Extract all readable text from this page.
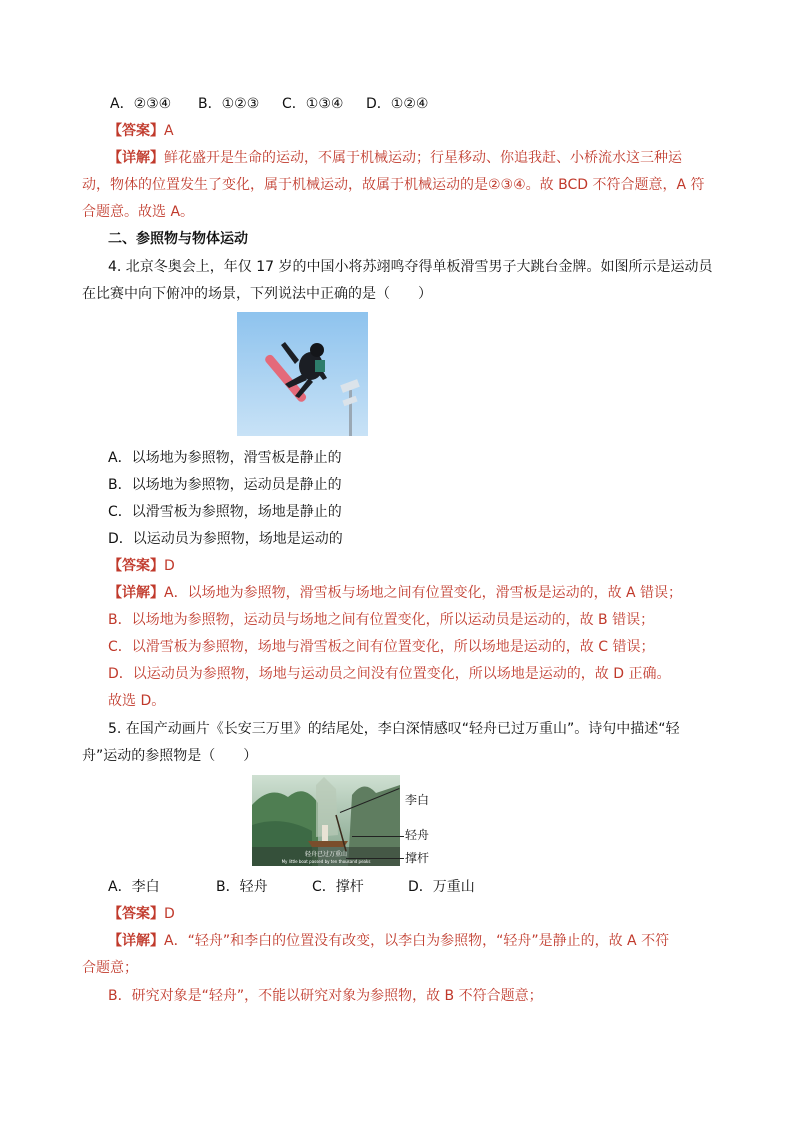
A．②③④ B．①②③ C．①③④ D．①②④
【答案】A
【详解】鲜花盛开是生命的运动，不属于机械运动；行星移动、你追我赶、小桥流水这三种运
动，物体的位置发生了变化，属于机械运动，故属于机械运动的是②③④。故 BCD 不符合题意，A 符
合题意。故选 A。
二、参照物与物体运动
4. 北京冬奥会上，年仅 17 岁的中国小将苏翊鸣夺得单板滑雪男子大跳台金牌。如图所示是运动员
在比赛中向下俯冲的场景，下列说法中正确的是（　　）
A．以场地为参照物，滑雪板是静止的
B．以场地为参照物，运动员是静止的
C．以滑雪板为参照物，场地是静止的
D．以运动员为参照物，场地是运动的
【答案】D
【详解】A．以场地为参照物，滑雪板与场地之间有位置变化，滑雪板是运动的，故 A 错误；
B．以场地为参照物，运动员与场地之间有位置变化，所以运动员是运动的，故 B 错误；
C．以滑雪板为参照物，场地与滑雪板之间有位置变化，所以场地是运动的，故 C 错误；
D．以运动员为参照物，场地与运动员之间没有位置变化，所以场地是运动的，故 D 正确。
故选 D。
5. 在国产动画片《长安三万里》的结尾处，李白深情感叹“轻舟已过万重山”。诗句中描述“轻
舟”运动的参照物是（　　）
轻舟已过万重山
My little boat passed by ten thousand peaks
李白
轻舟
撑杆
A．李白	B．轻舟	C．撑杆	D．万重山
【答案】D
【详解】A．“轻舟”和李白的位置没有改变，以李白为参照物，“轻舟”是静止的，故 A 不符
合题意；
B．研究对象是“轻舟”，不能以研究对象为参照物，故 B 不符合题意；
